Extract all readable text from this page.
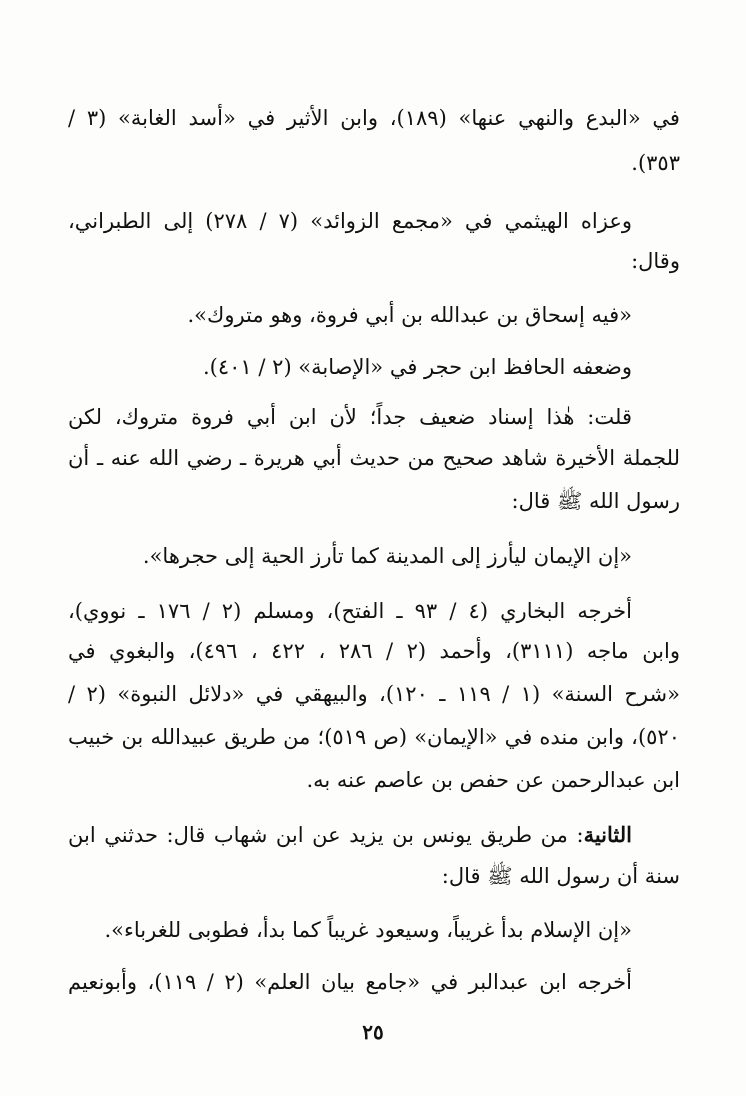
في «البدع والنهي عنها» (١٨٩)، وابن الأثير في «أسد الغابة» (٣ /
٣٥٣).
وعزاه الهيثمي في «مجمع الزوائد» (٧ / ٢٧٨) إلى الطبراني،
وقال:
«فيه إسحاق بن عبدالله بن أبي فروة، وهو متروك».
وضعفه الحافظ ابن حجر في «الإصابة» (٢ / ٤٠١).
قلت: هٰذا إسناد ضعيف جداً؛ لأن ابن أبي فروة متروك، لكن
للجملة الأخيرة شاهد صحيح من حديث أبي هريرة ـ رضي الله عنه ـ أن
رسول الله ﷺ قال:
«إن الإيمان ليأرز إلى المدينة كما تأرز الحية إلى حجرها».
أخرجه البخاري (٤ / ٩٣ ـ الفتح)، ومسلم (٢ / ١٧٦ ـ نووي)،
وابن ماجه (٣١١١)، وأحمد (٢ / ٢٨٦ ، ٤٢٢ ، ٤٩٦)، والبغوي في
«شرح السنة» (١ / ١١٩ ـ ١٢٠)، والبيهقي في «دلائل النبوة» (٢ /
٥٢٠)، وابن منده في «الإيمان» (ص ٥١٩)؛ من طريق عبيدالله بن خبيب
ابن عبدالرحمن عن حفص بن عاصم عنه به.
الثانية: من طريق يونس بن يزيد عن ابن شهاب قال: حدثني ابن
سنة أن رسول الله ﷺ قال:
«إن الإسلام بدأ غريباً، وسيعود غريباً كما بدأ، فطوبى للغرباء».
أخرجه ابن عبدالبر في «جامع بيان العلم» (٢ / ١١٩)، وأبونعيم
٢٥
